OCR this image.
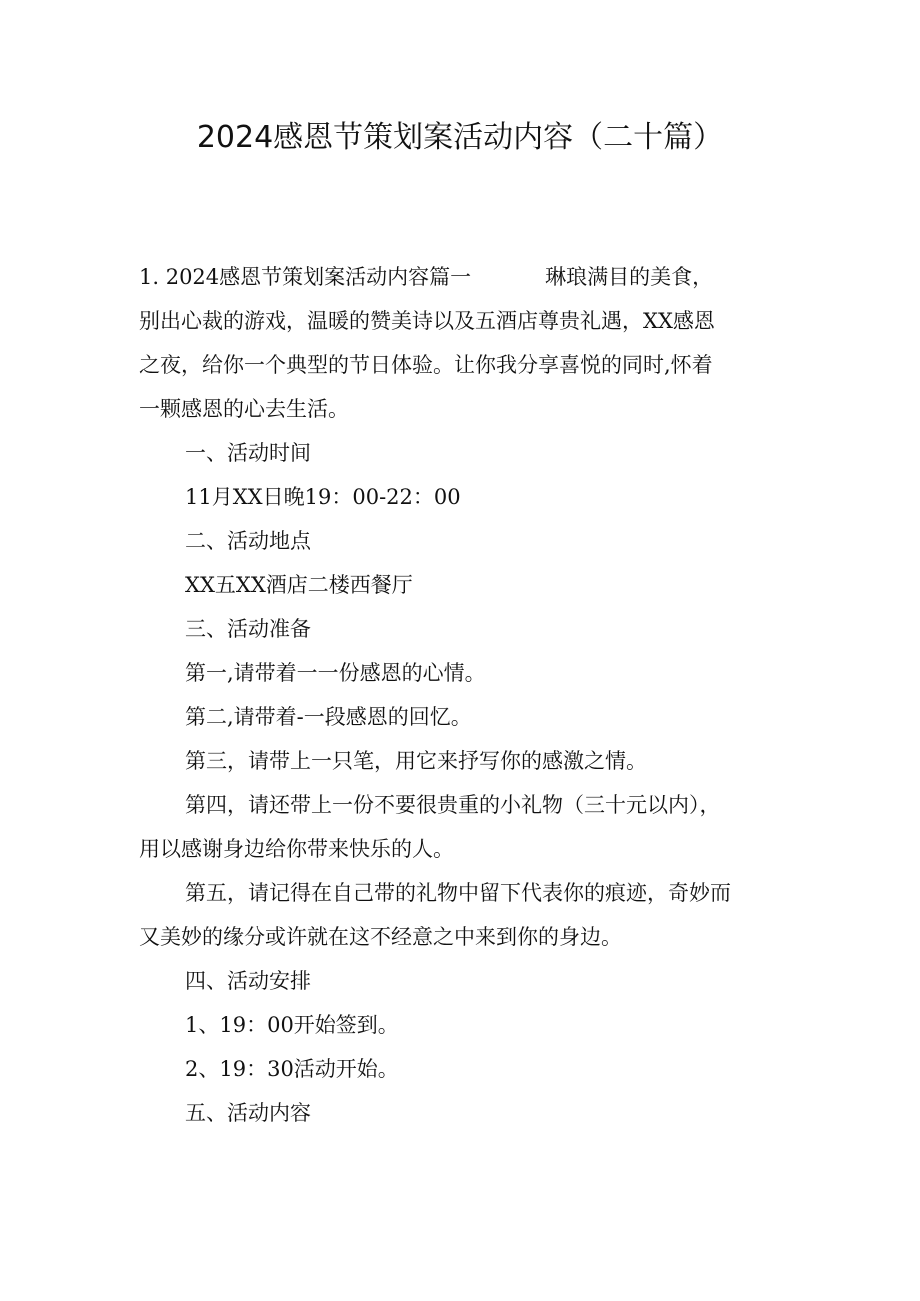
2024感恩节策划案活动内容（二十篇）

1. 2024感恩节策划案活动内容篇一	琳琅满目的美食，

别出心裁的游戏，温暖的赞美诗以及五酒店尊贵礼遇，XX感恩

之夜，给你一个典型的节日体验。让你我分享喜悦的同时,怀着

一颗感恩的心去生活。

一、活动时间

11月XX日晚19：00-22：00

二、活动地点

XX五XX酒店二楼西餐厅

三、活动准备

第一,请带着一一份感恩的心情。

第二,请带着-一段感恩的回忆。

第三，请带上一只笔，用它来抒写你的感激之情。

第四，请还带上一份不要很贵重的小礼物（三十元以内），

用以感谢身边给你带来快乐的人。

第五，请记得在自己带的礼物中留下代表你的痕迹，奇妙而

又美妙的缘分或许就在这不经意之中来到你的身边。

四、活动安排

1、19：00开始签到。

2、19：30活动开始。

五、活动内容
